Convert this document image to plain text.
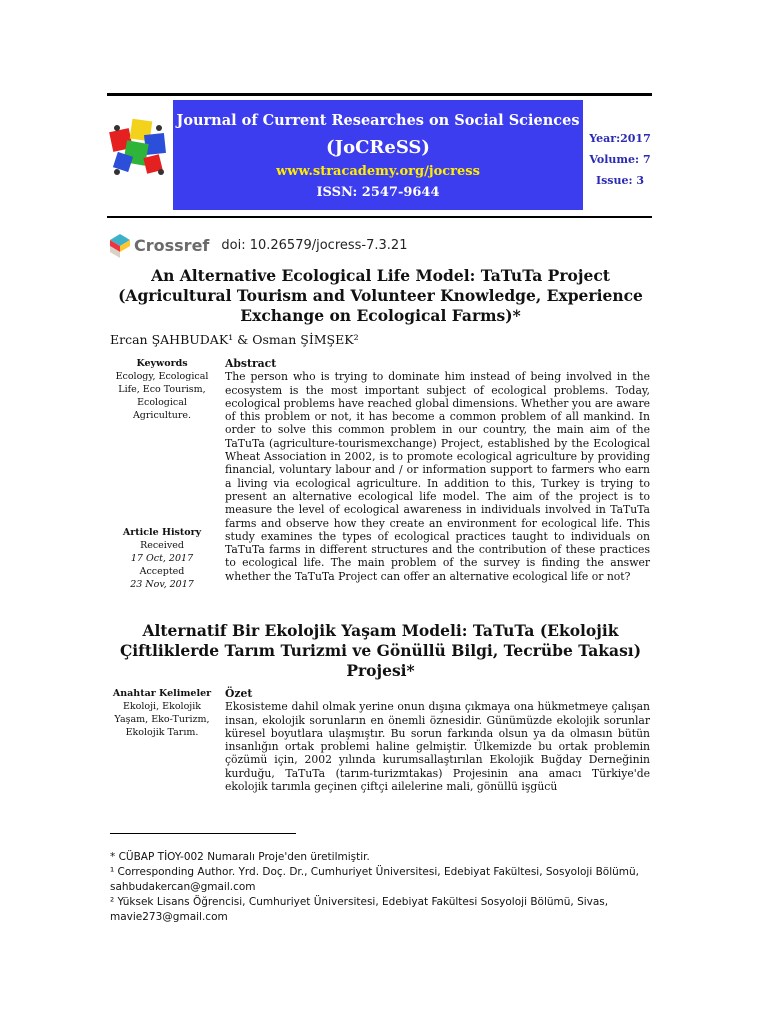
Journal of Current Researches on Social Sciences
(JoCReSS)
www.stracademy.org/jocress
ISSN: 2547-9644
Year:2017
Volume: 7
Issue: 3
Crossref doi: 10.26579/jocress-7.3.21
An Alternative Ecological Life Model: TaTuTa Project (Agricultural Tourism and Volunteer Knowledge, Experience Exchange on Ecological Farms)*
Ercan ŞAHBUDAK¹ & Osman ŞİMŞEK²
Keywords
Ecology, Ecological Life, Eco Tourism, Ecological Agriculture.
Article History
Received
17 Oct, 2017
Accepted
23 Nov, 2017
Abstract
The person who is trying to dominate him instead of being involved in the ecosystem is the most important subject of ecological problems. Today, ecological problems have reached global dimensions. Whether you are aware of this problem or not, it has become a common problem of all mankind. In order to solve this common problem in our country, the main aim of the TaTuTa (agriculture-tourismexchange) Project, established by the Ecological Wheat Association in 2002, is to promote ecological agriculture by providing financial, voluntary labour and / or information support to farmers who earn a living via ecological agriculture. In addition to this, Turkey is trying to present an alternative ecological life model. The aim of the project is to measure the level of ecological awareness in individuals involved in TaTuTa farms and observe how they create an environment for ecological life. This study examines the types of ecological practices taught to individuals on TaTuTa farms in different structures and the contribution of these practices to ecological life. The main problem of the survey is finding the answer whether the TaTuTa Project can offer an alternative ecological life or not?
Alternatif Bir Ekolojik Yaşam Modeli: TaTuTa (Ekolojik Çiftliklerde Tarım Turizmi ve Gönüllü Bilgi, Tecrübe Takası) Projesi*
Anahtar Kelimeler
Ekoloji, Ekolojik Yaşam, Eko-Turizm, Ekolojik Tarım.
Özet
Ekosisteme dahil olmak yerine onun dışına çıkmaya ona hükmetmeye çalışan insan, ekolojik sorunların en önemli öznesidir. Günümüzde ekolojik sorunlar küresel boyutlara ulaşmıştır. Bu sorun farkında olsun ya da olmasın bütün insanlığın ortak problemi haline gelmiştir. Ülkemizde bu ortak problemin çözümü için, 2002 yılında kurumsallaştırılan Ekolojik Buğday Derneğinin kurduğu, TaTuTa (tarım-turizmtakas) Projesinin ana amacı Türkiye'de ekolojik tarımla geçinen çiftçi ailelerine mali, gönüllü işgücü
* CÜBAP TİOY-002 Numaralı Proje'den üretilmiştir.
¹ Corresponding Author. Yrd. Doç. Dr., Cumhuriyet Üniversitesi, Edebiyat Fakültesi, Sosyoloji Bölümü, sahbudakercan@gmail.com
² Yüksek Lisans Öğrencisi, Cumhuriyet Üniversitesi, Edebiyat Fakültesi Sosyoloji Bölümü, Sivas, mavie273@gmail.com
